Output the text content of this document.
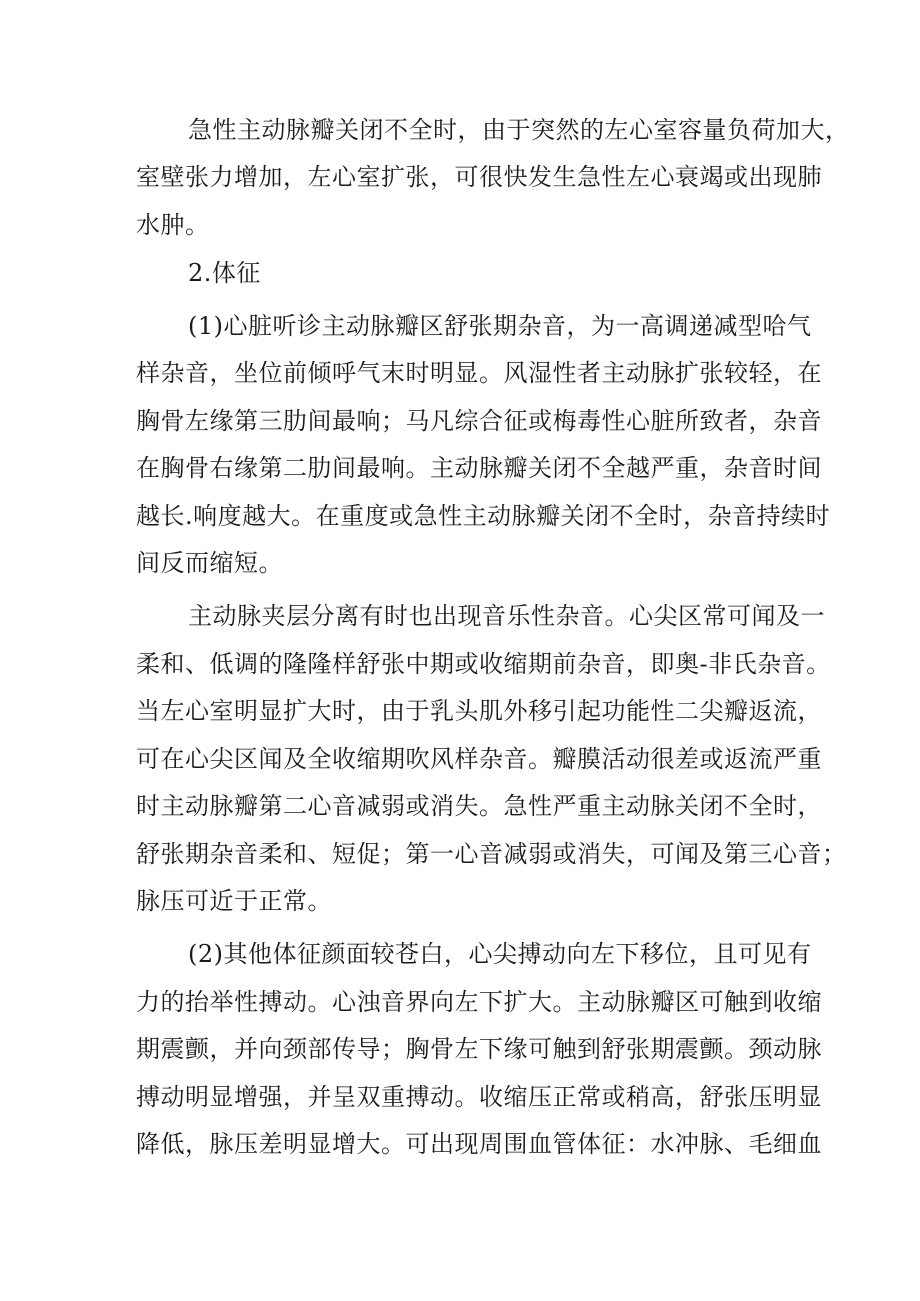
急性主动脉瓣关闭不全时，由于突然的左心室容量负荷加大，
室壁张力增加，左心室扩张，可很快发生急性左心衰竭或出现肺
水肿。
2.体征
(1)心脏听诊主动脉瓣区舒张期杂音，为一高调递减型哈气
样杂音，坐位前倾呼气末时明显。风湿性者主动脉扩张较轻，在
胸骨左缘第三肋间最响；马凡综合征或梅毒性心脏所致者，杂音
在胸骨右缘第二肋间最响。主动脉瓣关闭不全越严重，杂音时间
越长.响度越大。在重度或急性主动脉瓣关闭不全时，杂音持续时
间反而缩短。
主动脉夹层分离有时也出现音乐性杂音。心尖区常可闻及一
柔和、低调的隆隆样舒张中期或收缩期前杂音，即奥-非氏杂音。
当左心室明显扩大时，由于乳头肌外移引起功能性二尖瓣返流，
可在心尖区闻及全收缩期吹风样杂音。瓣膜活动很差或返流严重
时主动脉瓣第二心音减弱或消失。急性严重主动脉关闭不全时，
舒张期杂音柔和、短促；第一心音减弱或消失，可闻及第三心音；
脉压可近于正常。
(2)其他体征颜面较苍白，心尖搏动向左下移位，且可见有
力的抬举性搏动。心浊音界向左下扩大。主动脉瓣区可触到收缩
期震颤，并向颈部传导；胸骨左下缘可触到舒张期震颤。颈动脉
搏动明显增强，并呈双重搏动。收缩压正常或稍高，舒张压明显
降低，脉压差明显增大。可出现周围血管体征：水冲脉、毛细血
